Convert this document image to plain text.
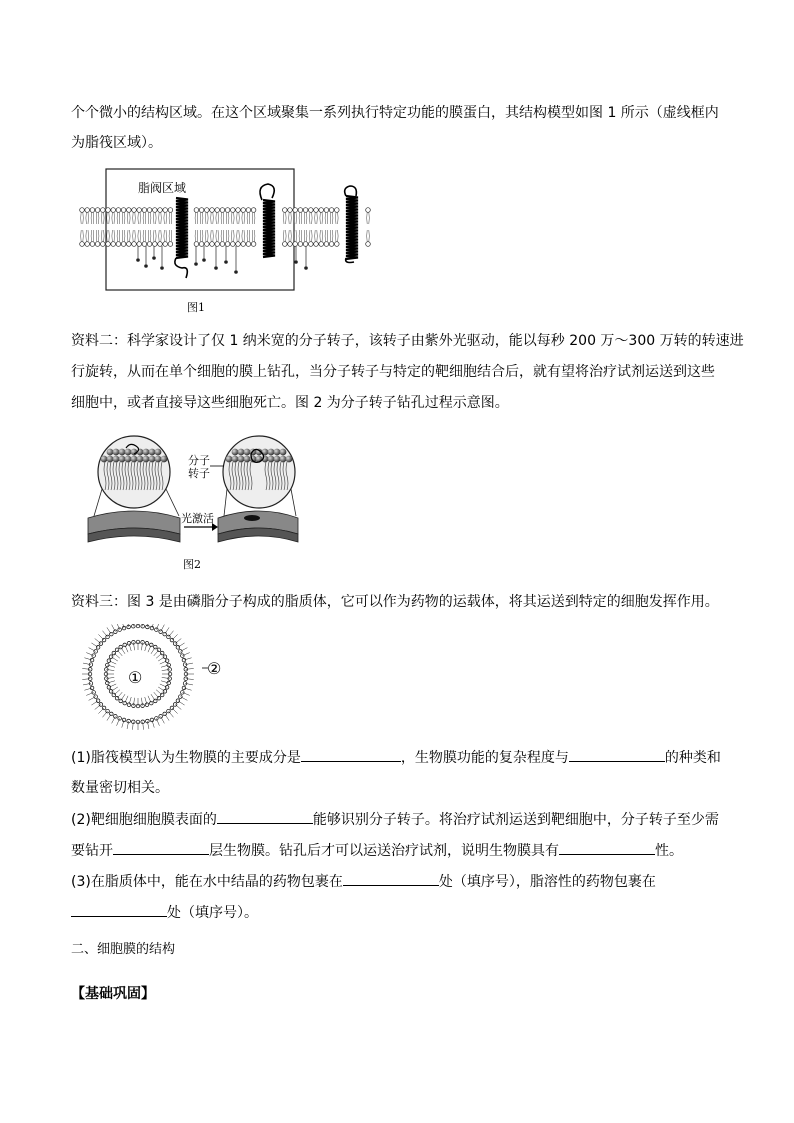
个个微小的结构区域。在这个区域聚集一系列执行特定功能的膜蛋白，其结构模型如图 1 所示（虚线框内
为脂筏区域）。
脂阀区域
图1
资料二：科学家设计了仅 1 纳米宽的分子转子，该转子由紫外光驱动，能以每秒 200 万～300 万转的转速进
行旋转，从而在单个细胞的膜上钻孔，当分子转子与特定的靶细胞结合后，就有望将治疗试剂运送到这些
细胞中，或者直接导这些细胞死亡。图 2 为分子转子钻孔过程示意图。
分子
转子
光激活
图2
资料三：图 3 是由磷脂分子构成的脂质体，它可以作为药物的运载体，将其运送到特定的细胞发挥作用。
①	②
(1)脂筏模型认为生物膜的主要成分是	，生物膜功能的复杂程度与	的种类和
数量密切相关。
(2)靶细胞细胞膜表面的	能够识别分子转子。将治疗试剂运送到靶细胞中，分子转子至少需
要钻开	层生物膜。钻孔后才可以运送治疗试剂，说明生物膜具有	性。
(3)在脂质体中，能在水中结晶的药物包裹在	处（填序号），脂溶性的药物包裹在
处（填序号）。
二、细胞膜的结构
【基础巩固】
